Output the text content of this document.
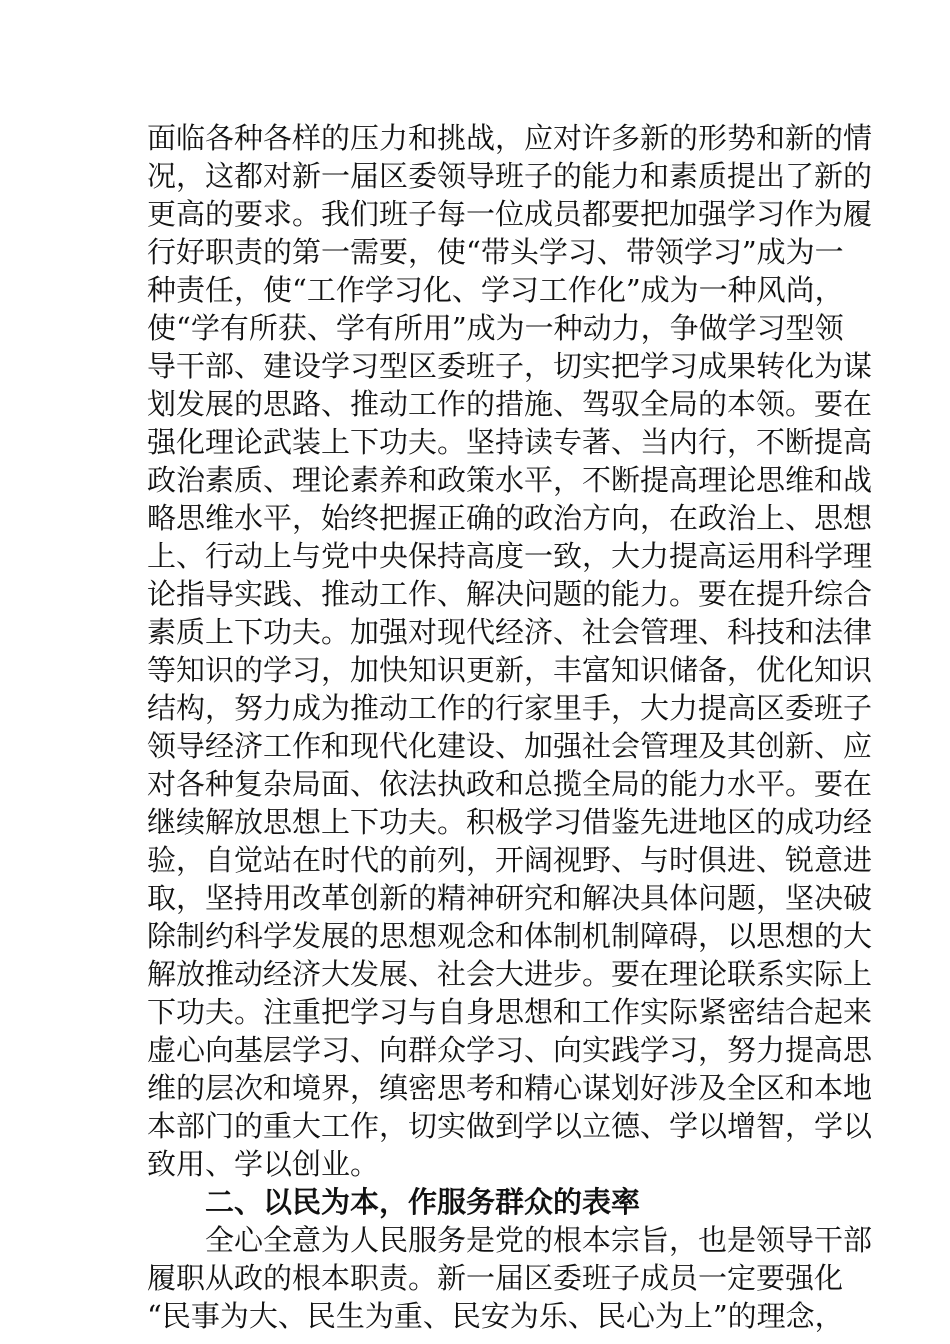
面临各种各样的压力和挑战，应对许多新的形势和新的情
况，这都对新一届区委领导班子的能力和素质提出了新的
更高的要求。我们班子每一位成员都要把加强学习作为履
行好职责的第一需要，使“带头学习、带领学习”成为一
种责任，使“工作学习化、学习工作化”成为一种风尚，
使“学有所获、学有所用”成为一种动力，争做学习型领
导干部、建设学习型区委班子，切实把学习成果转化为谋
划发展的思路、推动工作的措施、驾驭全局的本领。要在
强化理论武装上下功夫。坚持读专著、当内行，不断提高
政治素质、理论素养和政策水平，不断提高理论思维和战
略思维水平，始终把握正确的政治方向，在政治上、思想
上、行动上与党中央保持高度一致，大力提高运用科学理
论指导实践、推动工作、解决问题的能力。要在提升综合
素质上下功夫。加强对现代经济、社会管理、科技和法律
等知识的学习，加快知识更新，丰富知识储备，优化知识
结构，努力成为推动工作的行家里手，大力提高区委班子
领导经济工作和现代化建设、加强社会管理及其创新、应
对各种复杂局面、依法执政和总揽全局的能力水平。要在
继续解放思想上下功夫。积极学习借鉴先进地区的成功经
验，自觉站在时代的前列，开阔视野、与时俱进、锐意进
取，坚持用改革创新的精神研究和解决具体问题，坚决破
除制约科学发展的思想观念和体制机制障碍，以思想的大
解放推动经济大发展、社会大进步。要在理论联系实际上
下功夫。注重把学习与自身思想和工作实际紧密结合起来
虚心向基层学习、向群众学习、向实践学习，努力提高思
维的层次和境界，缜密思考和精心谋划好涉及全区和本地
本部门的重大工作，切实做到学以立德、学以增智，学以
致用、学以创业。
二、以民为本，作服务群众的表率
全心全意为人民服务是党的根本宗旨，也是领导干部
履职从政的根本职责。新一届区委班子成员一定要强化
“民事为大、民生为重、民安为乐、民心为上”的理念，
